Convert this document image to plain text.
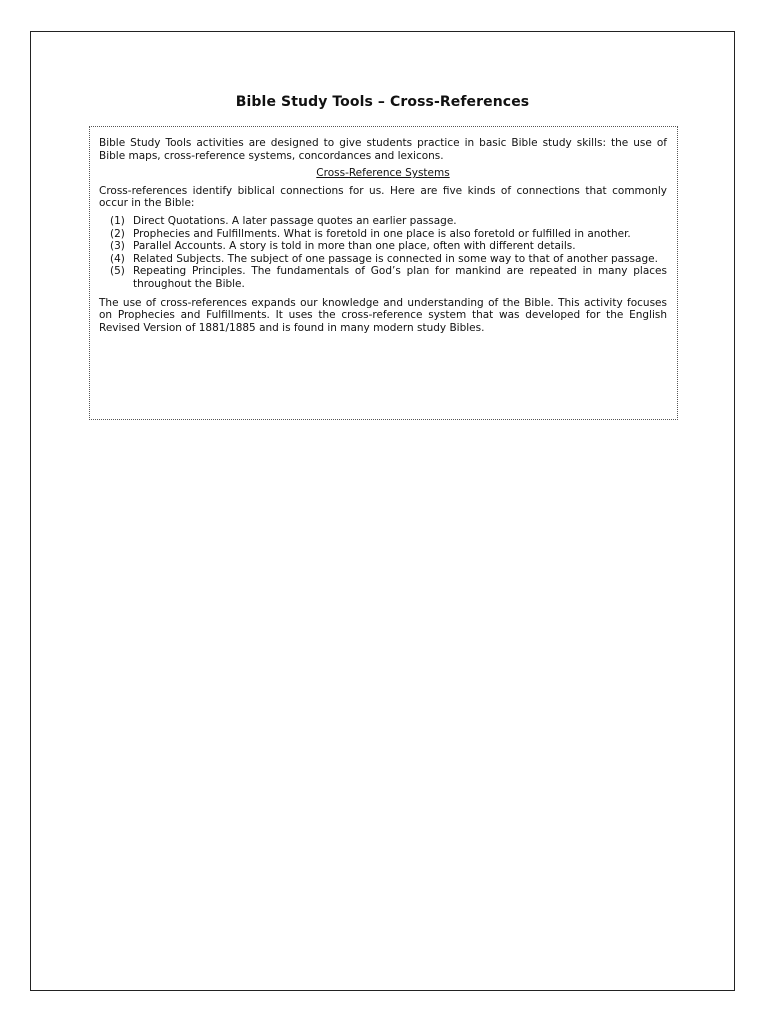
Bible Study Tools – Cross-References

Bible Study Tools activities are designed to give students practice in basic Bible study skills: the use of Bible maps, cross-reference systems, concordances and lexicons.

Cross-Reference Systems

Cross-references identify biblical connections for us. Here are five kinds of connections that commonly occur in the Bible:

(1) Direct Quotations. A later passage quotes an earlier passage.
(2) Prophecies and Fulfillments. What is foretold in one place is also foretold or fulfilled in another.
(3) Parallel Accounts. A story is told in more than one place, often with different details.
(4) Related Subjects. The subject of one passage is connected in some way to that of another passage.
(5) Repeating Principles. The fundamentals of God’s plan for mankind are repeated in many places throughout the Bible.

The use of cross-references expands our knowledge and understanding of the Bible. This activity focuses on Prophecies and Fulfillments. It uses the cross-reference system that was developed for the English Revised Version of 1881/1885 and is found in many modern study Bibles.
